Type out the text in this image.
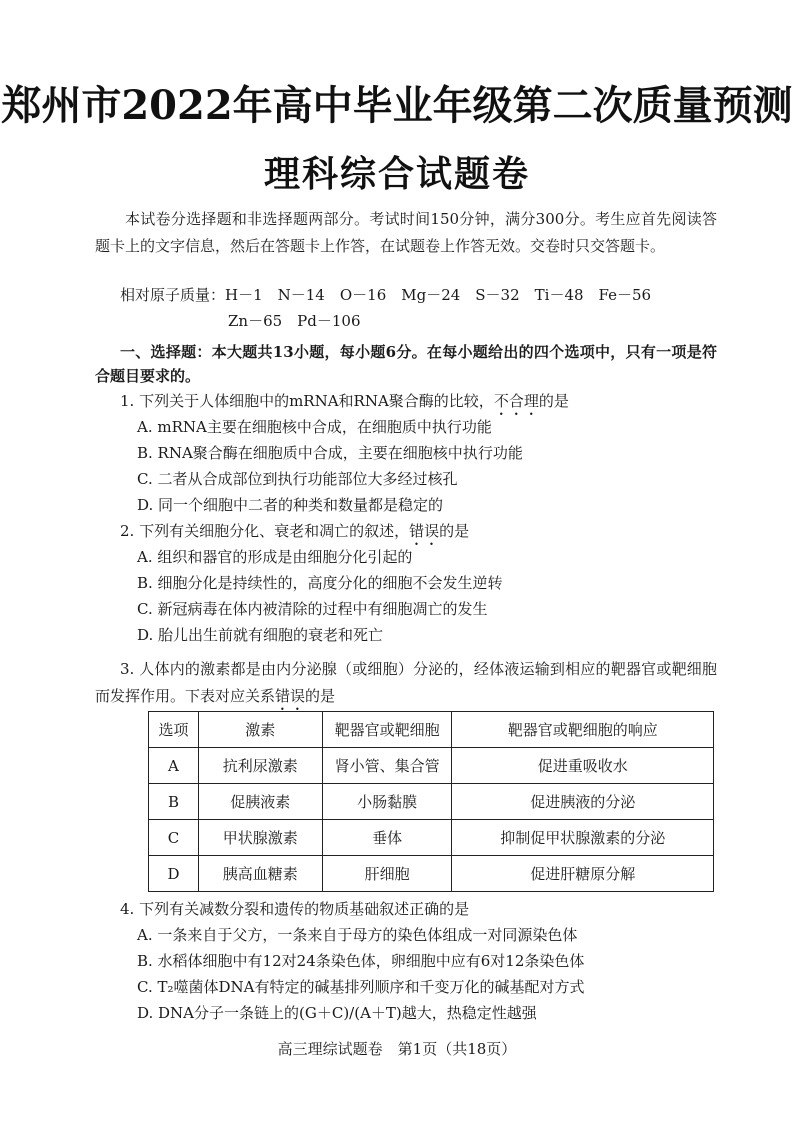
郑州市2022年高中毕业年级第二次质量预测
理科综合试题卷
本试卷分选择题和非选择题两部分。考试时间150分钟，满分300分。考生应首先阅读答题卡上的文字信息，然后在答题卡上作答，在试题卷上作答无效。交卷时只交答题卡。
相对原子质量：H－1　N－14　O－16　Mg－24　S－32　Ti－48　Fe－56
Zn－65　Pd－106
一、选择题：本大题共13小题，每小题6分。在每小题给出的四个选项中，只有一项是符合题目要求的。
1. 下列关于人体细胞中的mRNA和RNA聚合酶的比较，不合理的是
A. mRNA主要在细胞核中合成，在细胞质中执行功能
B. RNA聚合酶在细胞质中合成，主要在细胞核中执行功能
C. 二者从合成部位到执行功能部位大多经过核孔
D. 同一个细胞中二者的种类和数量都是稳定的
2. 下列有关细胞分化、衰老和凋亡的叙述，错误的是
A. 组织和器官的形成是由细胞分化引起的
B. 细胞分化是持续性的，高度分化的细胞不会发生逆转
C. 新冠病毒在体内被清除的过程中有细胞凋亡的发生
D. 胎儿出生前就有细胞的衰老和死亡
3. 人体内的激素都是由内分泌腺（或细胞）分泌的，经体液运输到相应的靶器官或靶细胞而发挥作用。下表对应关系错误的是
选项	激素	靶器官或靶细胞	靶器官或靶细胞的响应
A	抗利尿激素	肾小管、集合管	促进重吸收水
B	促胰液素	小肠黏膜	促进胰液的分泌
C	甲状腺激素	垂体	抑制促甲状腺激素的分泌
D	胰高血糖素	肝细胞	促进肝糖原分解
4. 下列有关减数分裂和遗传的物质基础叙述正确的是
A. 一条来自于父方，一条来自于母方的染色体组成一对同源染色体
B. 水稻体细胞中有12对24条染色体，卵细胞中应有6对12条染色体
C. T₂噬菌体DNA有特定的碱基排列顺序和千变万化的碱基配对方式
D. DNA分子一条链上的(G＋C)/(A＋T)越大，热稳定性越强
高三理综试题卷　第1页（共18页）
